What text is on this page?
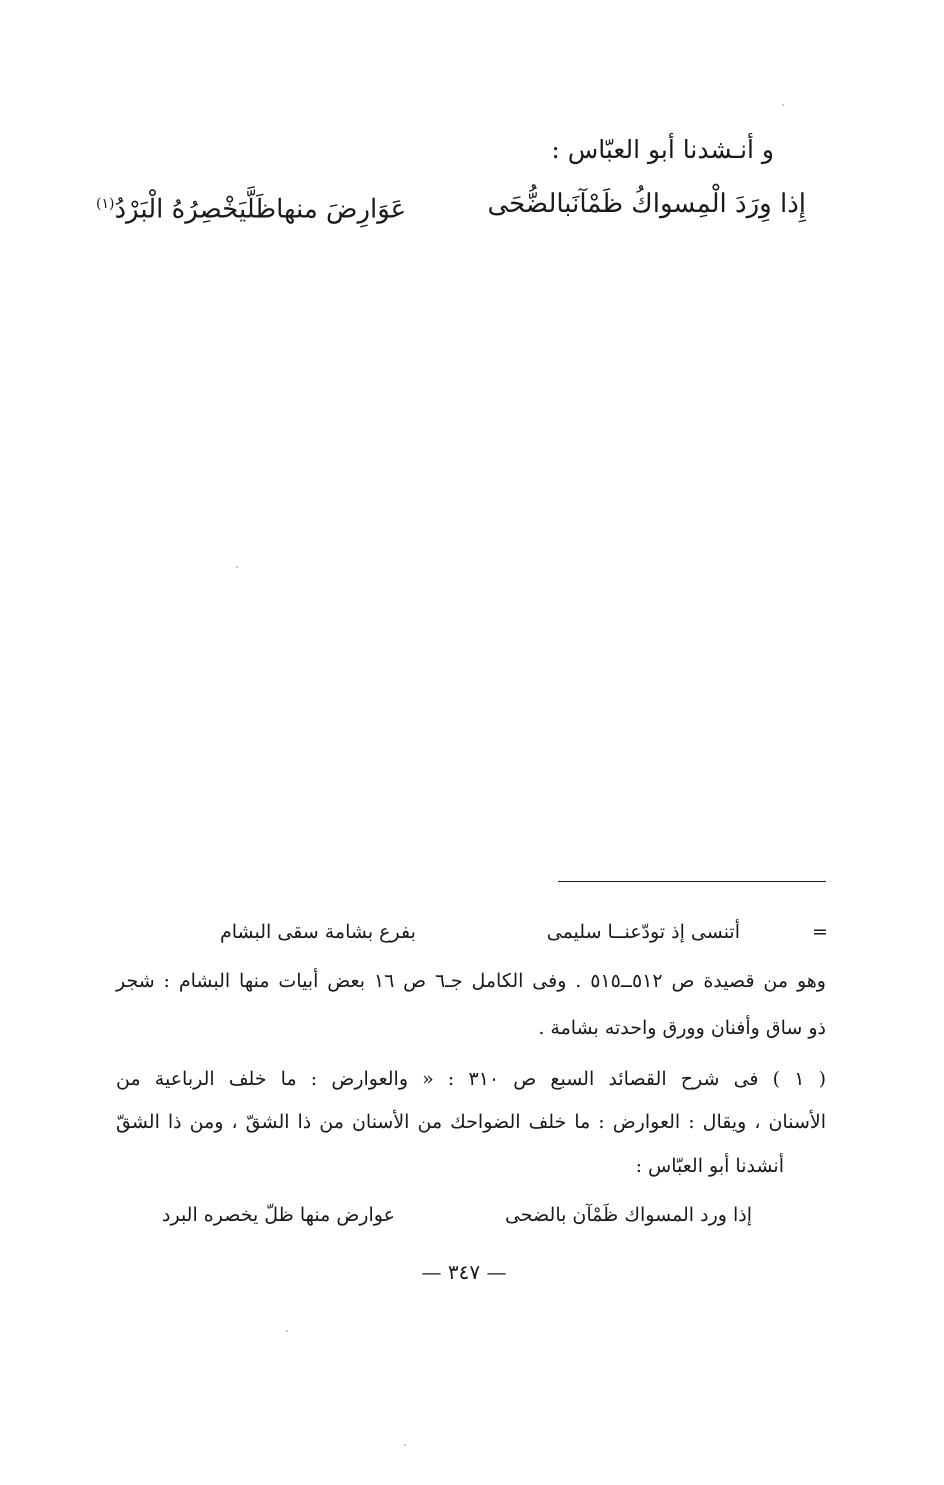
و أنـشدنا أبو العبّاس :
إِذا وِرَدَ الْمِسواكُ ظَمْآنَبالضُّحَى
عَوَارِضَ منهاظَلَّيَخْصِرُهُ الْبَرْدُ$^{(١)}$
=
أتنسى إذ تودّعنــا سليمى
بفرع بشامة سقى البشام
وهو من قصيدة ص ٥١٢ــ٥١٥ . وفى الكامل جـ٦ ص ١٦ بعض أبيات منها البشام : شجر
ذو ساق وأفنان وورق واحدته بشامة .
( ١ ) فى شرح القصائد السبع ص ٣١٠ : « والعوارض : ما خلف الرباعية من
الأسنان ، ويقال : العوارض : ما خلف الضواحك من الأسنان من ذا الشقّ ، ومن ذا الشقّ
أنشدنا أبو العبّاس :
إذا ورد المسواك ظَمْآن بالضحى
عوارض منها ظلّ يخصره البرد
— ٣٤٧ —
